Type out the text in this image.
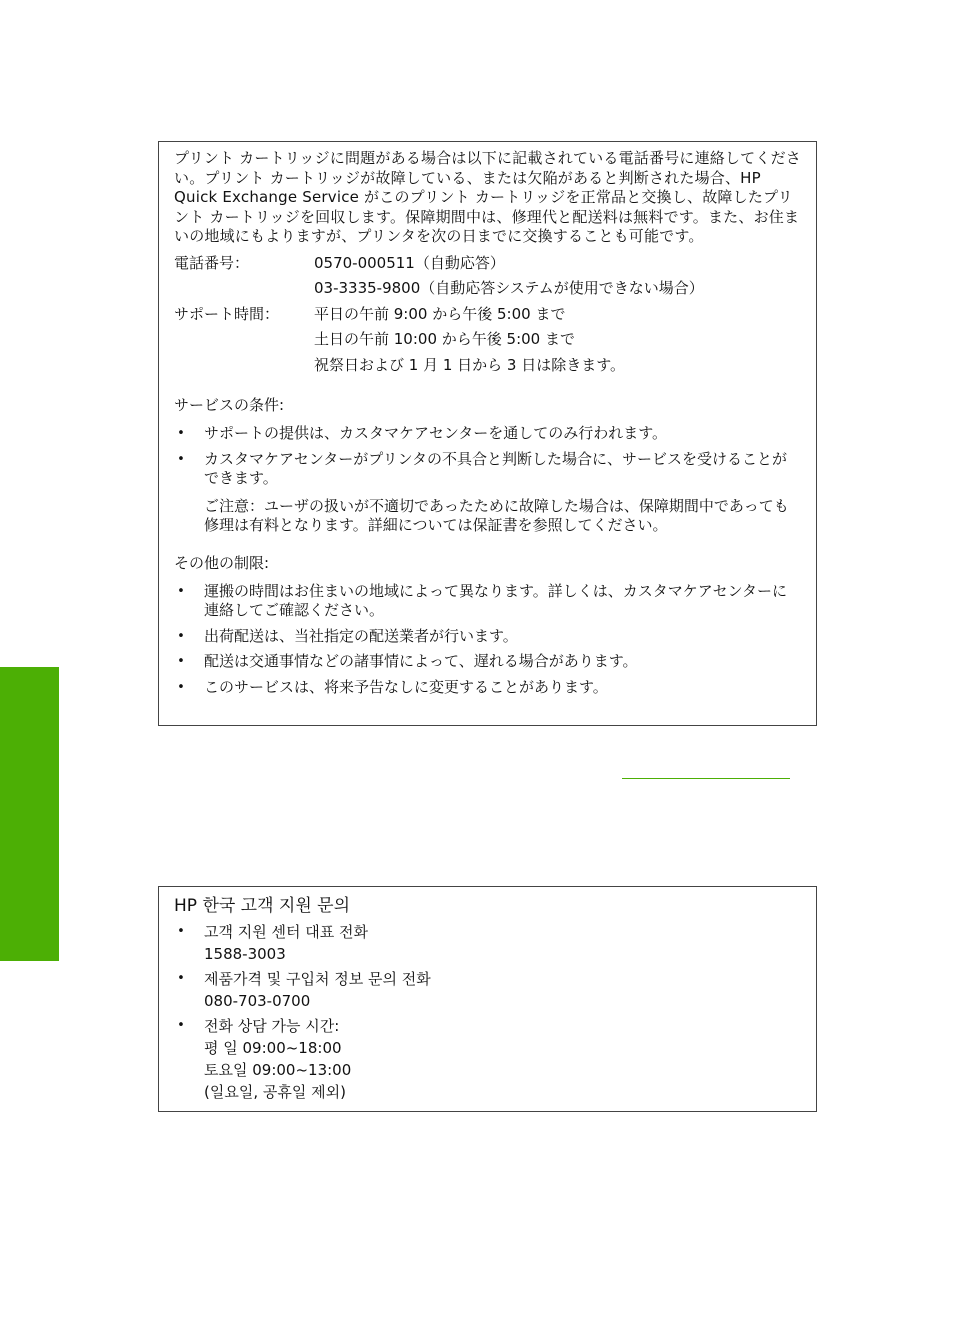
プリント カートリッジに問題がある場合は以下に記載されている電話番号に連絡してください。プリント カートリッジが故障している、または欠陥があると判断された場合、HP Quick Exchange Service がこのプリント カートリッジを正常品と交換し、故障したプリント カートリッジを回収します。保障期間中は、修理代と配送料は無料です。また、お住まいの地域にもよりますが、プリンタを次の日までに交換することも可能です。

電話番号：	0570-000511（自動応答）
03-3335-9800（自動応答システムが使用できない場合）
サポート時間：	平日の午前 9:00 から午後 5:00 まで
土日の午前 10:00 から午後 5:00 まで
祝祭日および 1 月 1 日から 3 日は除きます。
サービスの条件:
• サポートの提供は、カスタマケアセンターを通してのみ行われます。
• カスタマケアセンターがプリンタの不具合と判断した場合に、サービスを受けることができます。
ご注意：ユーザの扱いが不適切であったために故障した場合は、保障期間中であっても修理は有料となります。詳細については保証書を参照してください。
その他の制限:
• 運搬の時間はお住まいの地域によって異なります。詳しくは、カスタマケアセンターに連絡してご確認ください。
• 出荷配送は、当社指定の配送業者が行います。
• 配送は交通事情などの諸事情によって、遅れる場合があります。
• このサービスは、将来予告なしに変更することがあります。
HP 한국 고객 지원 문의
• 고객 지원 센터 대표 전화
1588-3003
• 제품가격 및 구입처 정보 문의 전화
080-703-0700
• 전화 상담 가능 시간:
평 일 09:00~18:00
토요일 09:00~13:00
(일요일, 공휴일 제외)
